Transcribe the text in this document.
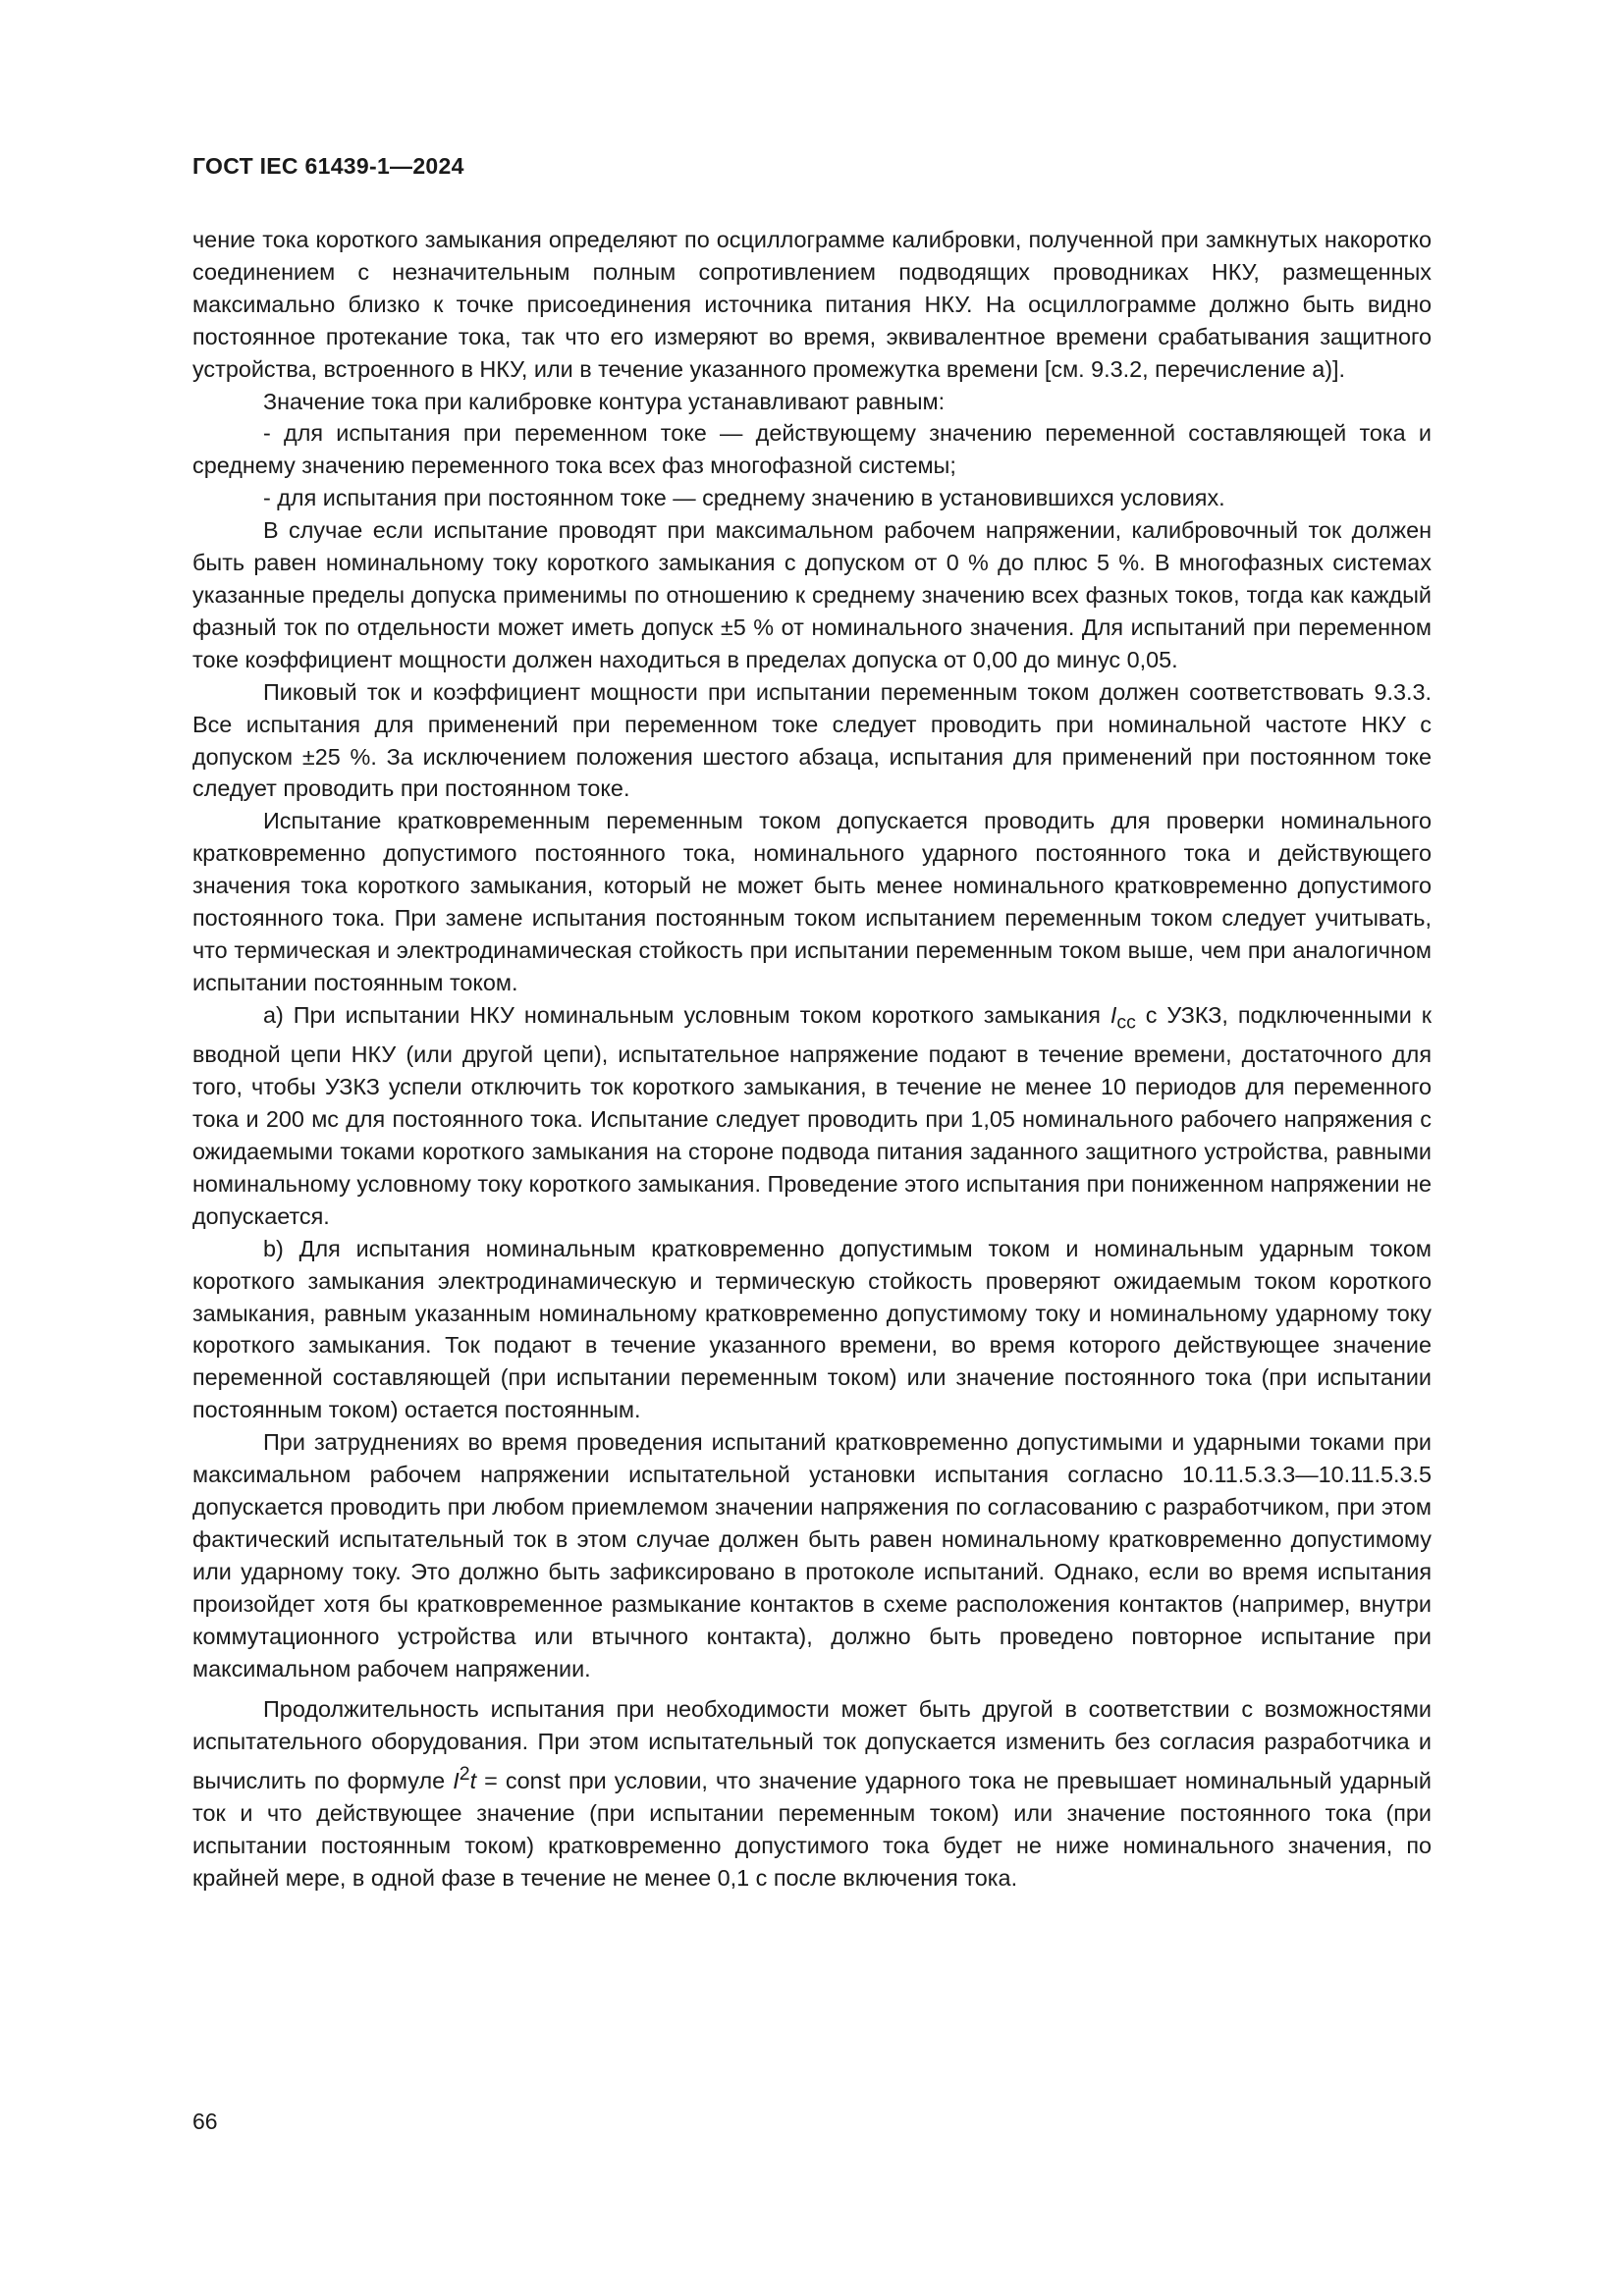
ГОСТ IEC 61439-1—2024

чение тока короткого замыкания определяют по осциллограмме калибровки, полученной при замкнутых накоротко соединением с незначительным полным сопротивлением подводящих проводниках НКУ, размещенных максимально близко к точке присоединения источника питания НКУ. На осциллограмме должно быть видно постоянное протекание тока, так что его измеряют во время, эквивалентное времени срабатывания защитного устройства, встроенного в НКУ, или в течение указанного промежутка времени [см. 9.3.2, перечисление а)].

Значение тока при калибровке контура устанавливают равным:

- для испытания при переменном токе — действующему значению переменной составляющей тока и среднему значению переменного тока всех фаз многофазной системы;

- для испытания при постоянном токе — среднему значению в установившихся условиях.

В случае если испытание проводят при максимальном рабочем напряжении, калибровочный ток должен быть равен номинальному току короткого замыкания с допуском от 0 % до плюс 5 %. В многофазных системах указанные пределы допуска применимы по отношению к среднему значению всех фазных токов, тогда как каждый фазный ток по отдельности может иметь допуск ±5 % от номинального значения. Для испытаний при переменном токе коэффициент мощности должен находиться в пределах допуска от 0,00 до минус 0,05.

Пиковый ток и коэффициент мощности при испытании переменным током должен соответствовать 9.3.3. Все испытания для применений при переменном токе следует проводить при номинальной частоте НКУ с допуском ±25 %. За исключением положения шестого абзаца, испытания для применений при постоянном токе следует проводить при постоянном токе.

Испытание кратковременным переменным током допускается проводить для проверки номинального кратковременно допустимого постоянного тока, номинального ударного постоянного тока и действующего значения тока короткого замыкания, который не может быть менее номинального кратковременно допустимого постоянного тока. При замене испытания постоянным током испытанием переменным током следует учитывать, что термическая и электродинамическая стойкость при испытании переменным током выше, чем при аналогичном испытании постоянным током.

a) При испытании НКУ номинальным условным током короткого замыкания $I_{cc}$ с УЗКЗ, подключенными к вводной цепи НКУ (или другой цепи), испытательное напряжение подают в течение времени, достаточного для того, чтобы УЗКЗ успели отключить ток короткого замыкания, в течение не менее 10 периодов для переменного тока и 200 мс для постоянного тока. Испытание следует проводить при 1,05 номинального рабочего напряжения с ожидаемыми токами короткого замыкания на стороне подвода питания заданного защитного устройства, равными номинальному условному току короткого замыкания. Проведение этого испытания при пониженном напряжении не допускается.

b) Для испытания номинальным кратковременно допустимым током и номинальным ударным током короткого замыкания электродинамическую и термическую стойкость проверяют ожидаемым током короткого замыкания, равным указанным номинальному кратковременно допустимому току и номинальному ударному току короткого замыкания. Ток подают в течение указанного времени, во время которого действующее значение переменной составляющей (при испытании переменным током) или значение постоянного тока (при испытании постоянным током) остается постоянным.

При затруднениях во время проведения испытаний кратковременно допустимыми и ударными токами при максимальном рабочем напряжении испытательной установки испытания согласно 10.11.5.3.3—10.11.5.3.5 допускается проводить при любом приемлемом значении напряжения по согласованию с разработчиком, при этом фактический испытательный ток в этом случае должен быть равен номинальному кратковременно допустимому или ударному току. Это должно быть зафиксировано в протоколе испытаний. Однако, если во время испытания произойдет хотя бы кратковременное размыкание контактов в схеме расположения контактов (например, внутри коммутационного устройства или втычного контакта), должно быть проведено повторное испытание при максимальном рабочем напряжении.

Продолжительность испытания при необходимости может быть другой в соответствии с возможностями испытательного оборудования. При этом испытательный ток допускается изменить без согласия разработчика и вычислить по формуле $I^2t$ = const при условии, что значение ударного тока не превышает номинальный ударный ток и что действующее значение (при испытании переменным током) или значение постоянного тока (при испытании постоянным током) кратковременно допустимого тока будет не ниже номинального значения, по крайней мере, в одной фазе в течение не менее 0,1 с после включения тока.

66
